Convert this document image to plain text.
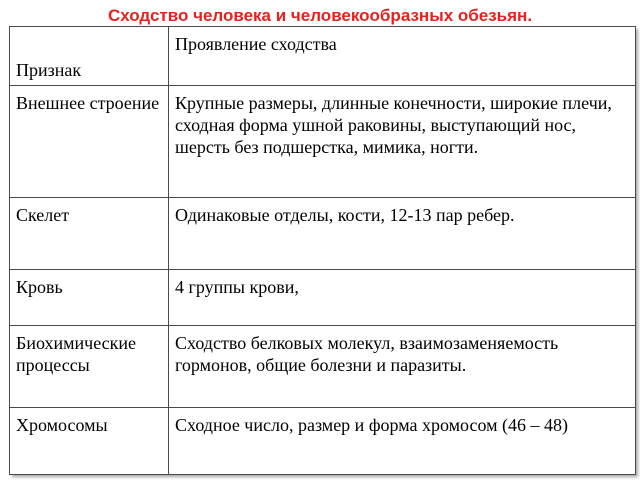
Сходство человека и человекообразных обезьян.
Признак	Проявление сходства
Внешнее строение	Крупные размеры, длинные конечности, широкие плечи, сходная форма ушной раковины, выступающий нос, шерсть без подшерстка, мимика, ногти.
Скелет	Одинаковые отделы, кости, 12-13 пар ребер.
Кровь	4 группы крови,
Биохимические процессы	Сходство белковых молекул, взаимозаменяемость гормонов, общие болезни и паразиты.
Хромосомы	Сходное число, размер и форма хромосом (46 – 48)
